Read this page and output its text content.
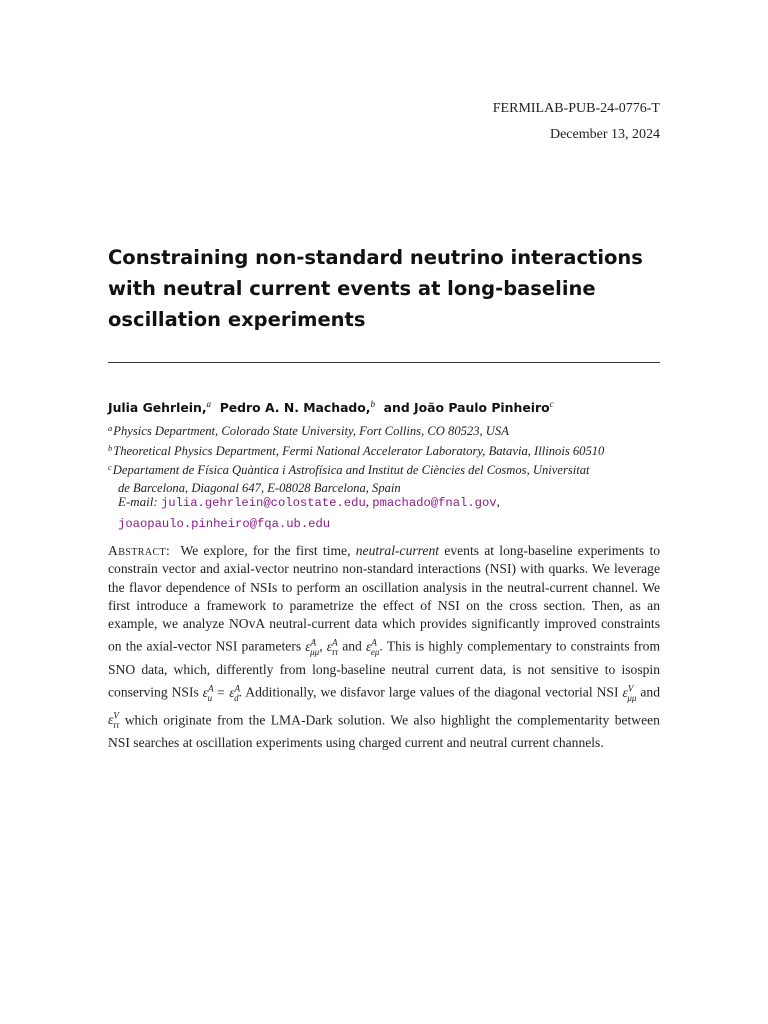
FERMILAB-PUB-24-0776-T
December 13, 2024
Constraining non-standard neutrino interactions with neutral current events at long-baseline oscillation experiments
Julia Gehrlein,$^a$ Pedro A. N. Machado,$^b$ and João Paulo Pinheiro$^c$
$^a$Physics Department, Colorado State University, Fort Collins, CO 80523, USA
$^b$Theoretical Physics Department, Fermi National Accelerator Laboratory, Batavia, Illinois 60510
$^c$Departament de Física Quàntica i Astrofísica and Institut de Ciències del Cosmos, Universitat
de Barcelona, Diagonal 647, E-08028 Barcelona, Spain
E-mail: julia.gehrlein@colostate.edu, pmachado@fnal.gov,
joaopaulo.pinheiro@fqa.ub.edu

Abstract: We explore, for the first time, neutral-current events at long-baseline experiments to constrain vector and axial-vector neutrino non-standard interactions (NSI) with quarks. We leverage the flavor dependence of NSIs to perform an oscillation analysis in the neutral-current channel. We first introduce a framework to parametrize the effect of NSI on the cross section. Then, as an example, we analyze NOvA neutral-current data which provides significantly improved constraints on the axial-vector NSI parameters $\varepsilon^A_{\mu\mu}$, $\varepsilon^A_{\tau\tau}$ and $\varepsilon^A_{e\mu}$. This is highly complementary to constraints from SNO data, which, differently from long-baseline neutral current data, is not sensitive to isospin conserving NSIs $\varepsilon^A_u = \varepsilon^A_d$. Additionally, we disfavor large values of the diagonal vectorial NSI $\varepsilon^V_{\mu\mu}$ and $\varepsilon^V_{\tau\tau}$ which originate from the LMA-Dark solution. We also highlight the complementarity between NSI searches at oscillation experiments using charged current and neutral current channels.
